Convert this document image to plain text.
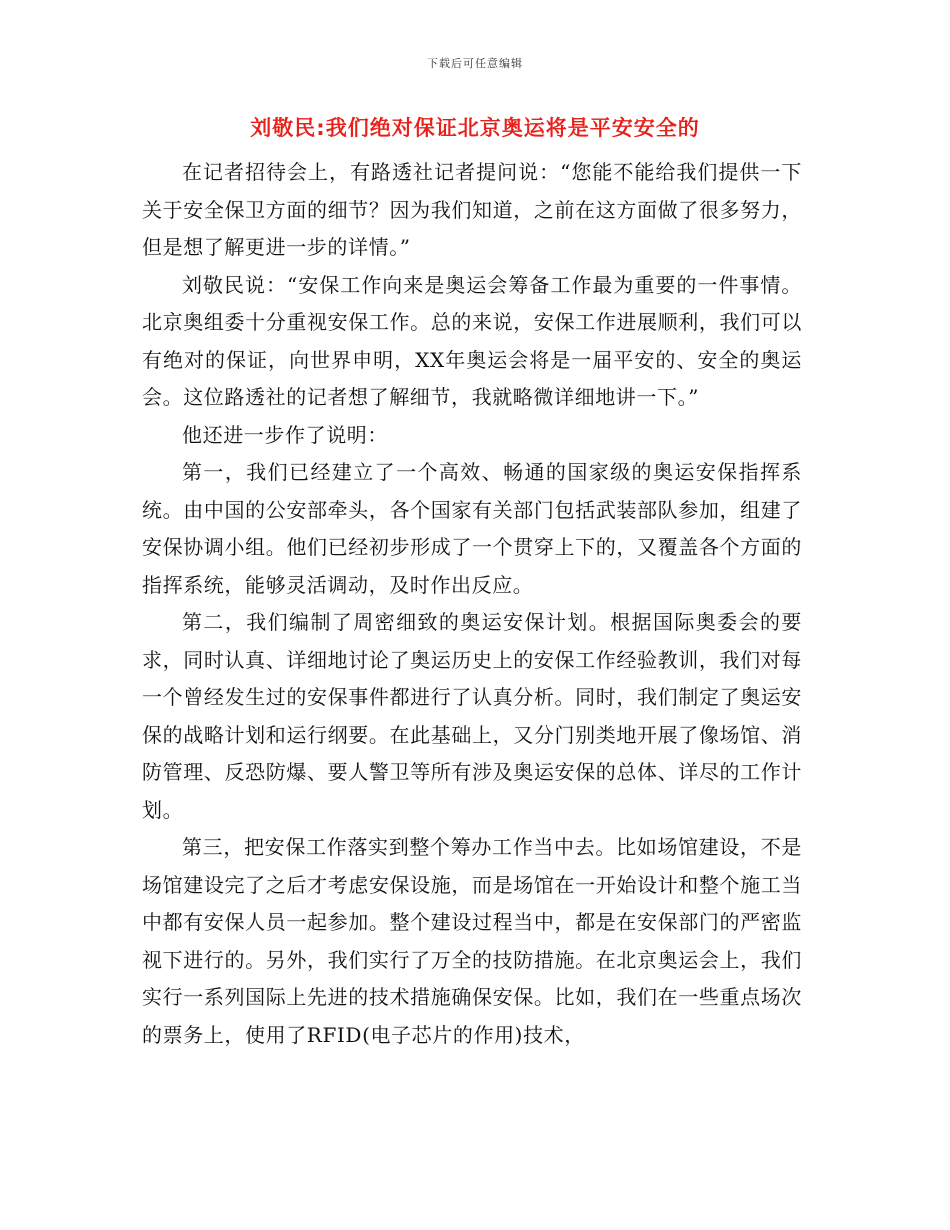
下载后可任意编辑
刘敬民:我们绝对保证北京奥运将是平安安全的

在记者招待会上，有路透社记者提问说：“您能不能给我们提供一下关于安全保卫方面的细节？因为我们知道，之前在这方面做了很多努力，但是想了解更进一步的详情。”

刘敬民说：“安保工作向来是奥运会筹备工作最为重要的一件事情。北京奥组委十分重视安保工作。总的来说，安保工作进展顺利，我们可以有绝对的保证，向世界申明，XX年奥运会将是一届平安的、安全的奥运会。这位路透社的记者想了解细节，我就略微详细地讲一下。”

他还进一步作了说明：

第一，我们已经建立了一个高效、畅通的国家级的奥运安保指挥系统。由中国的公安部牵头，各个国家有关部门包括武装部队参加，组建了安保协调小组。他们已经初步形成了一个贯穿上下的，又覆盖各个方面的指挥系统，能够灵活调动，及时作出反应。

第二，我们编制了周密细致的奥运安保计划。根据国际奥委会的要求，同时认真、详细地讨论了奥运历史上的安保工作经验教训，我们对每一个曾经发生过的安保事件都进行了认真分析。同时，我们制定了奥运安保的战略计划和运行纲要。在此基础上，又分门别类地开展了像场馆、消防管理、反恐防爆、要人警卫等所有涉及奥运安保的总体、详尽的工作计划。

第三，把安保工作落实到整个筹办工作当中去。比如场馆建设，不是场馆建设完了之后才考虑安保设施，而是场馆在一开始设计和整个施工当中都有安保人员一起参加。整个建设过程当中，都是在安保部门的严密监视下进行的。另外，我们实行了万全的技防措施。在北京奥运会上，我们实行一系列国际上先进的技术措施确保安保。比如，我们在一些重点场次的票务上，使用了RFID(电子芯片的作用)技术，
